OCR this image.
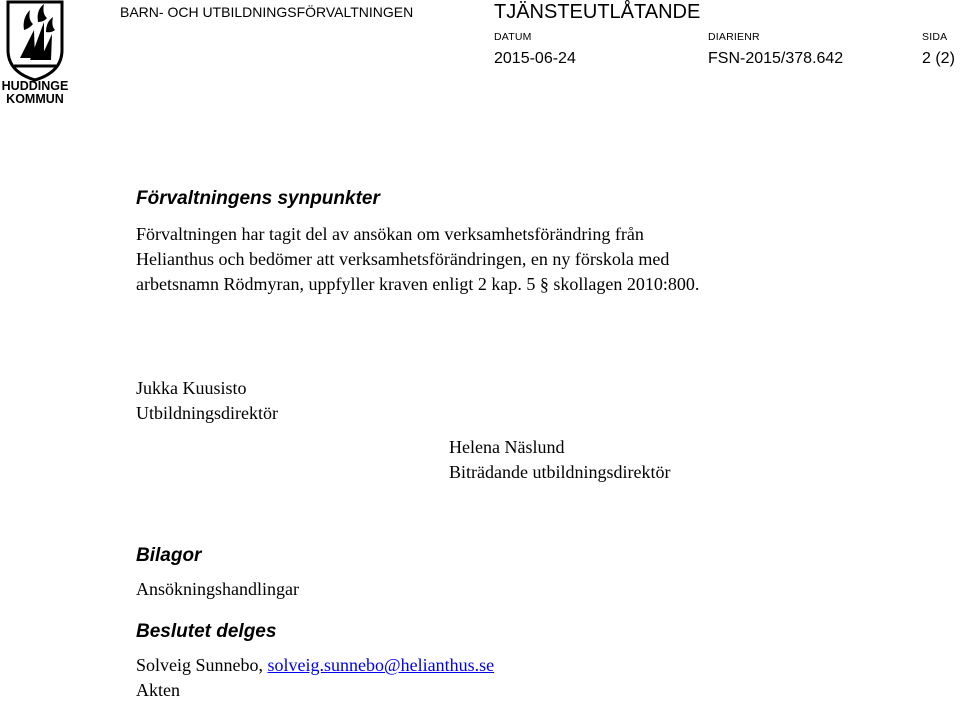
HUDDINGE
KOMMUN
BARN- OCH UTBILDNINGSFÖRVALTNINGEN	TJÄNSTEUTLÅTANDE
DATUM
2015-06-24
DIARIENR
FSN-2015/378.642
SIDA
2 (2)
Förvaltningens synpunkter
Förvaltningen har tagit del av ansökan om verksamhetsförändring från
Helianthus och bedömer att verksamhetsförändringen, en ny förskola med
arbetsnamn Rödmyran, uppfyller kraven enligt 2 kap. 5 § skollagen 2010:800.
Jukka Kuusisto
Utbildningsdirektör
Helena Näslund
Biträdande utbildningsdirektör
Bilagor
Ansökningshandlingar
Beslutet delges
Solveig Sunnebo, solveig.sunnebo@helianthus.se
Akten
